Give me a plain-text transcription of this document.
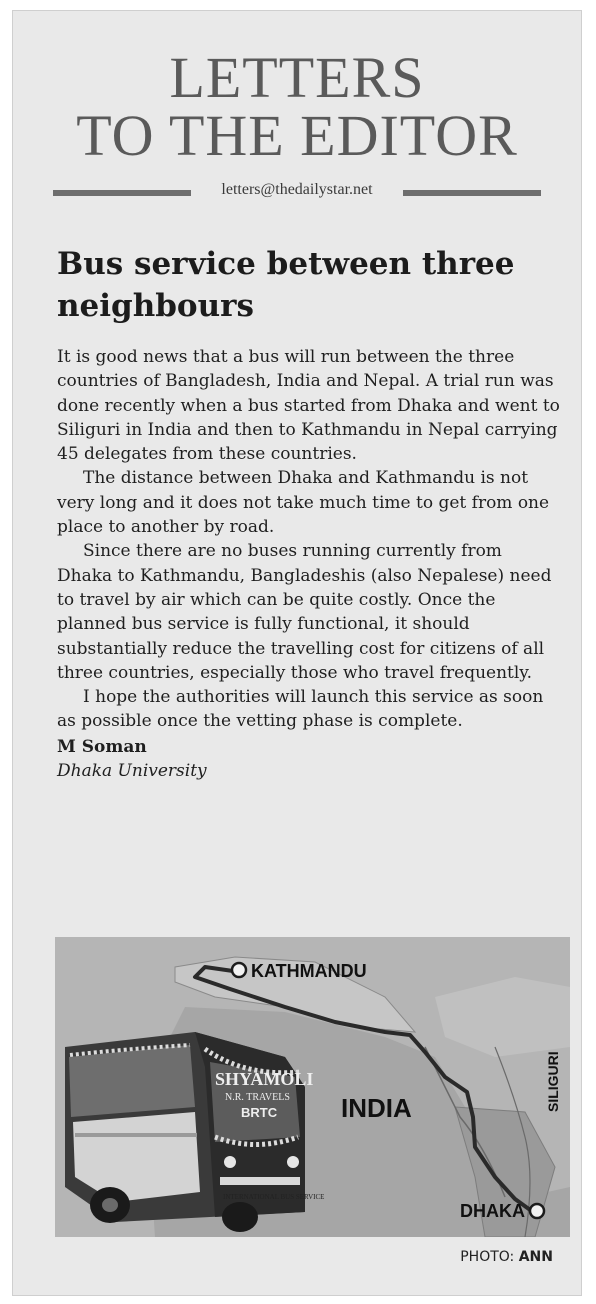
LETTERS
TO THE EDITOR
letters@thedailystar.net
Bus service between three neighbours

It is good news that a bus will run between the three countries of Bangladesh, India and Nepal. A trial run was done recently when a bus started from Dhaka and went to Siliguri in India and then to Kathmandu in Nepal carrying 45 delegates from these countries.

The distance between Dhaka and Kathmandu is not very long and it does not take much time to get from one place to another by road.

Since there are no buses running currently from Dhaka to Kathmandu, Bangladeshis (also Nepalese) need to travel by air which can be quite costly. Once the planned bus service is fully functional, it should substantially reduce the travelling cost for citizens of all three countries, especially those who travel frequently.

I hope the authorities will launch this service as soon as possible once the vetting phase is complete.

M Soman
Dhaka University
KATHMANDU
INDIA	SILIGURI
DHAKA
SHYAMOLI
N.R. TRAVELS
BRTC
INTERNATIONAL BUS SERVICE
PHOTO: ANN
